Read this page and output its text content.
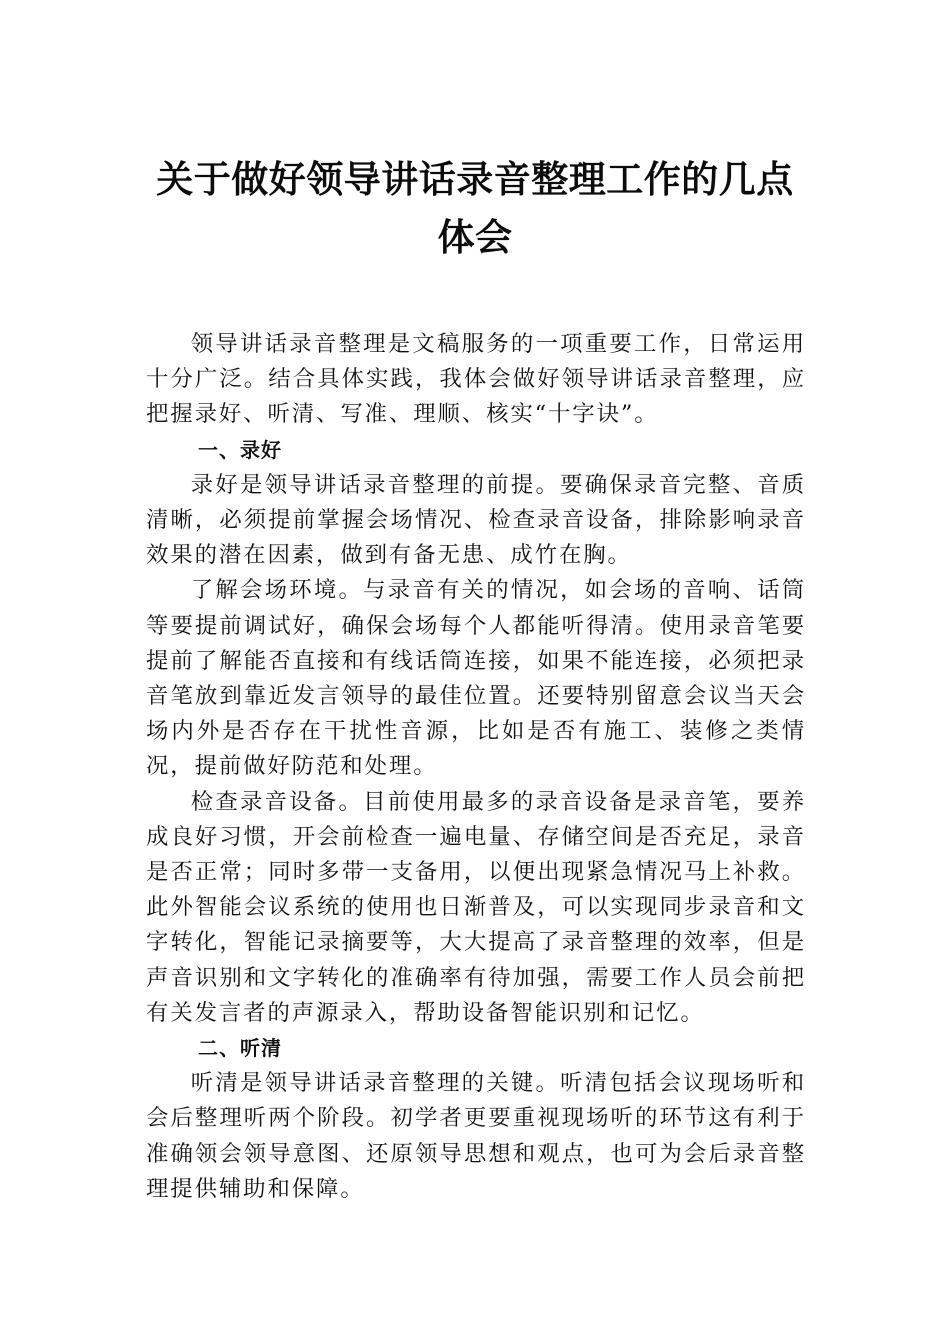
关于做好领导讲话录音整理工作的几点体会

领导讲话录音整理是文稿服务的一项重要工作，日常运用十分广泛。结合具体实践，我体会做好领导讲话录音整理，应把握录好、听清、写准、理顺、核实“十字诀”。

一、录好

录好是领导讲话录音整理的前提。要确保录音完整、音质清晰，必须提前掌握会场情况、检查录音设备，排除影响录音效果的潜在因素，做到有备无患、成竹在胸。

了解会场环境。与录音有关的情况，如会场的音响、话筒等要提前调试好，确保会场每个人都能听得清。使用录音笔要提前了解能否直接和有线话筒连接，如果不能连接，必须把录音笔放到靠近发言领导的最佳位置。还要特别留意会议当天会场内外是否存在干扰性音源，比如是否有施工、装修之类情况，提前做好防范和处理。

检查录音设备。目前使用最多的录音设备是录音笔，要养成良好习惯，开会前检查一遍电量、存储空间是否充足，录音是否正常；同时多带一支备用，以便出现紧急情况马上补救。此外智能会议系统的使用也日渐普及，可以实现同步录音和文字转化，智能记录摘要等，大大提高了录音整理的效率，但是声音识别和文字转化的准确率有待加强，需要工作人员会前把有关发言者的声源录入，帮助设备智能识别和记忆。

二、听清

听清是领导讲话录音整理的关键。听清包括会议现场听和会后整理听两个阶段。初学者更要重视现场听的环节这有利于准确领会领导意图、还原领导思想和观点，也可为会后录音整理提供辅助和保障。
